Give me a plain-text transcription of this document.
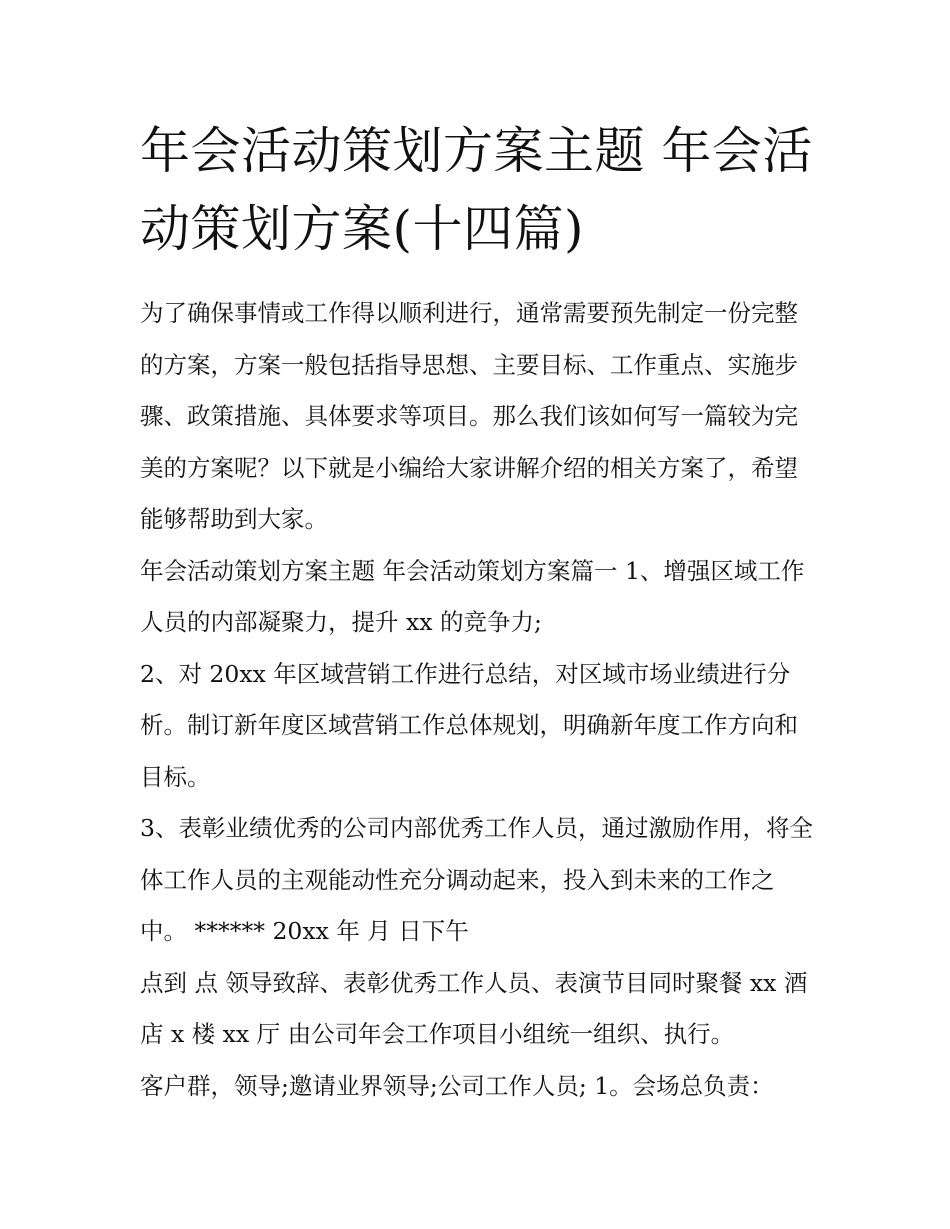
年会活动策划方案主题 年会活动策划方案(十四篇)

为了确保事情或工作得以顺利进行，通常需要预先制定一份完整的方案，方案一般包括指导思想、主要目标、工作重点、实施步骤、政策措施、具体要求等项目。那么我们该如何写一篇较为完美的方案呢？以下就是小编给大家讲解介绍的相关方案了，希望能够帮助到大家。

年会活动策划方案主题 年会活动策划方案篇一 1、增强区域工作人员的内部凝聚力，提升 xx 的竞争力;

2、对 20xx 年区域营销工作进行总结，对区域市场业绩进行分析。制订新年度区域营销工作总体规划，明确新年度工作方向和目标。

3、表彰业绩优秀的公司内部优秀工作人员，通过激励作用，将全体工作人员的主观能动性充分调动起来，投入到未来的工作之中。 ****** 20xx 年 月 日下午

点到 点 领导致辞、表彰优秀工作人员、表演节目同时聚餐 xx 酒店 x 楼 xx 厅 由公司年会工作项目小组统一组织、执行。

客户群，领导;邀请业界领导;公司工作人员; 1。会场总负责：
